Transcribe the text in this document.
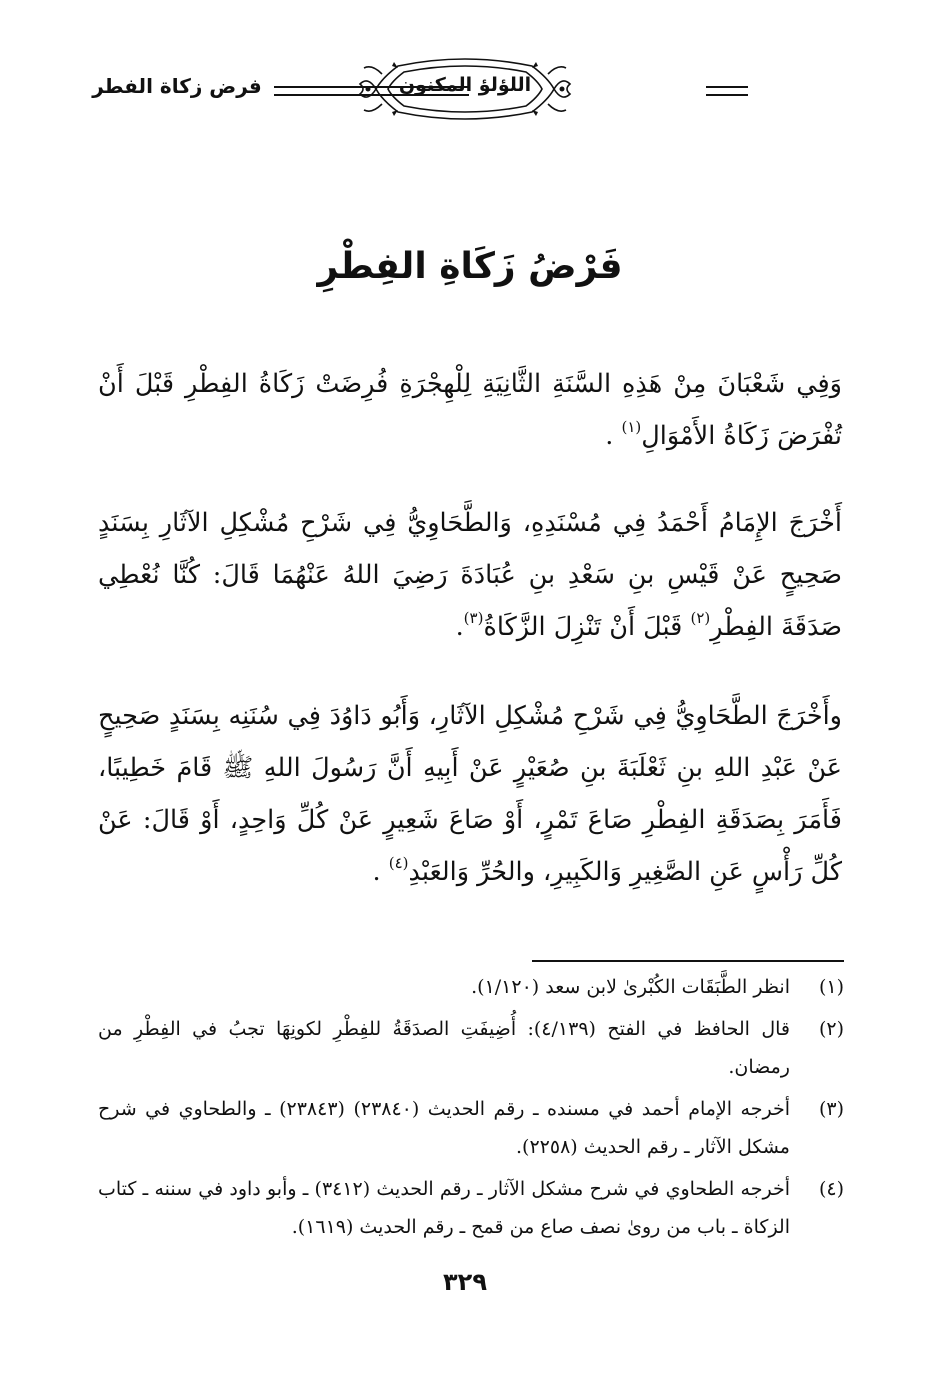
اللؤلؤ المكنون
فرض زكاة الفطر
فَرْضُ زَكَاةِ الفِطْرِ

وَفِي شَعْبَانَ مِنْ هَذِهِ السَّنَةِ الثَّانِيَةِ لِلْهِجْرَةِ فُرِضَتْ زَكَاةُ الفِطْرِ قَبْلَ أَنْ تُفْرَضَ زَكَاةُ الأَمْوَالِ$^{(١)}$ .

أَخْرَجَ الإِمَامُ أَحْمَدُ فِي مُسْنَدِهِ، وَالطَّحَاوِيُّ فِي شَرْحِ مُشْكِلِ الآثَارِ بِسَنَدٍ صَحِيحٍ عَنْ قَيْسِ بنِ سَعْدِ بنِ عُبَادَةَ رَضِيَ اللهُ عَنْهُمَا قَالَ: كُنَّا نُعْطِي صَدَقَةَ الفِطْرِ$^{(٢)}$ قَبْلَ أَنْ تَنْزِلَ الزَّكَاةُ$^{(٣)}$.

وأَخْرَجَ الطَّحَاوِيُّ فِي شَرْحِ مُشْكِلِ الآثَارِ، وَأَبُو دَاوُدَ فِي سُنَنِه بِسَنَدٍ صَحِيحٍ عَنْ عَبْدِ اللهِ بنِ ثَعْلَبَةَ بنِ صُعَيْرٍ عَنْ أَبِيهِ أَنَّ رَسُولَ اللهِ ﷺ قَامَ خَطِيبًا، فَأَمَرَ بِصَدَقَةِ الفِطْرِ صَاعَ تَمْرٍ، أَوْ صَاعَ شَعِيرٍ عَنْ كُلِّ وَاحِدٍ، أَوْ قَالَ: عَنْ كُلِّ رَأْسٍ عَنِ الصَّغِيرِ وَالكَبِيرِ، والحُرِّ وَالعَبْدِ$^{(٤)}$ .

(١)
انظر الطَّبَقَات الكُبْرىٰ لابن سعد (١/١٢٠).
(٢)
قال الحافظ في الفتح (٤/١٣٩): أُضِيفَتِ الصدَقَةُ للفِطْرِ لكونِهَا تجبُ في الفِطْرِ من رمضان.
(٣)
أخرجه الإمام أحمد في مسنده ـ رقم الحديث (٢٣٨٤٠) (٢٣٨٤٣) ـ والطحاوي في شرح مشكل الآثار ـ رقم الحديث (٢٢٥٨).
(٤)
أخرجه الطحاوي في شرح مشكل الآثار ـ رقم الحديث (٣٤١٢) ـ وأبو داود في سننه ـ كتاب الزكاة ـ باب من روىٰ نصف صاع من قمح ـ رقم الحديث (١٦١٩).
٣٢٩
